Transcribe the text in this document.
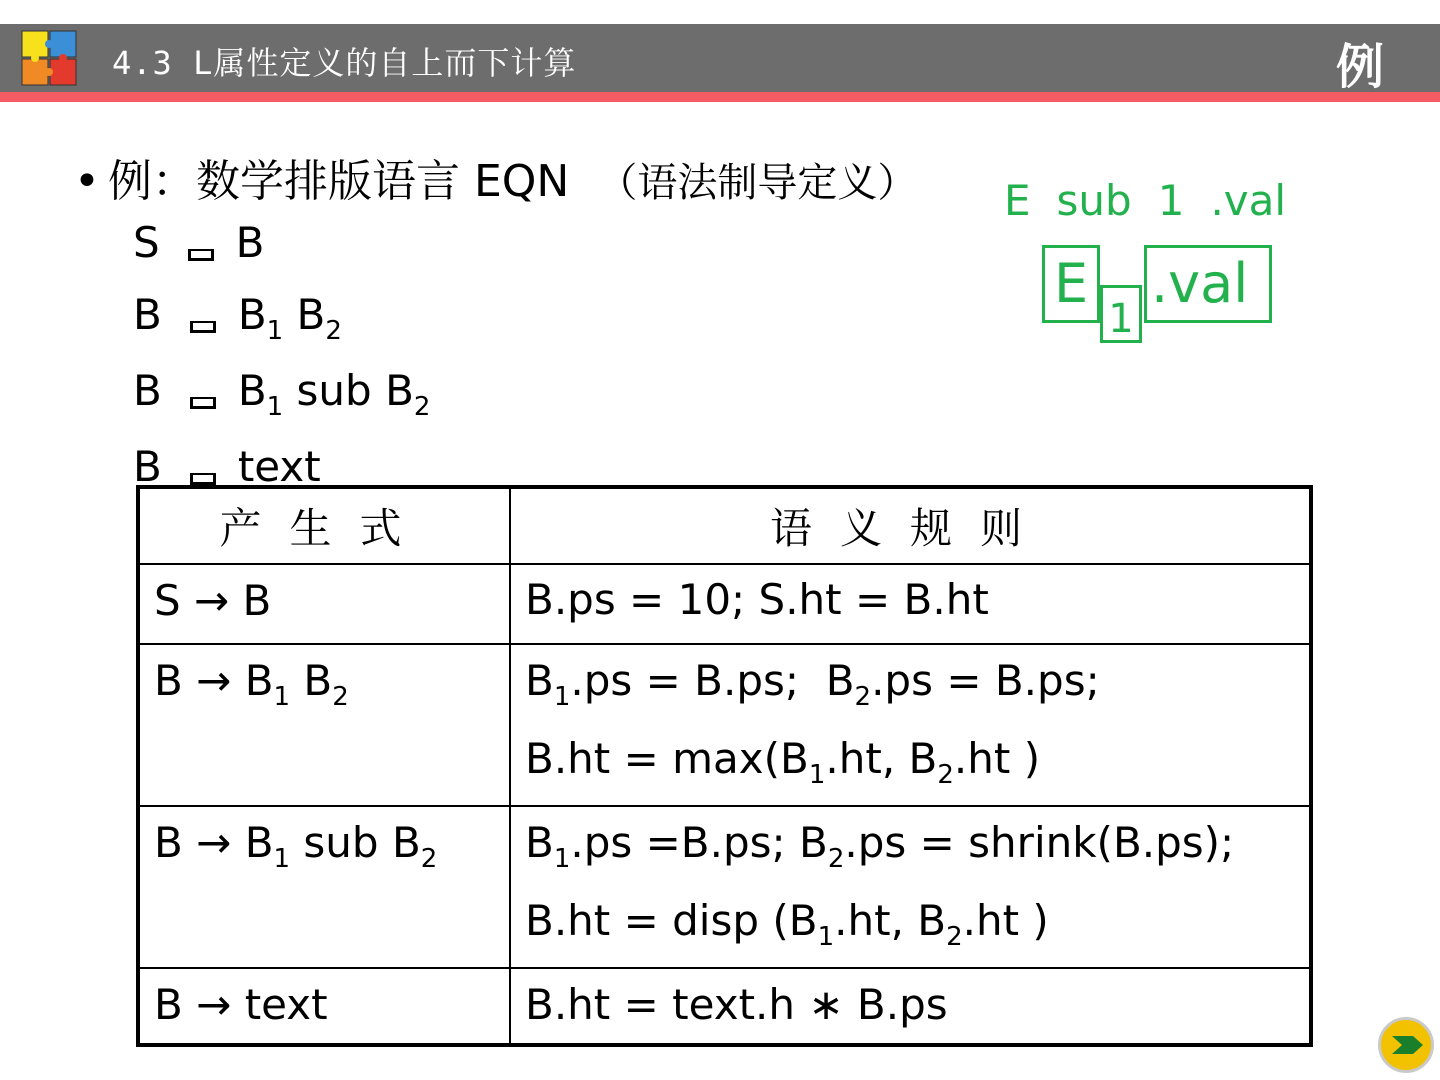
4.3 L属性定义的自上而下计算	例
• 例：数学排版语言 EQN （语法制导定义）
S B
B $B_1$ $B_2$
B $B_1$ sub $B_2$
B text
E sub 1 .val
E
1
.val
产生式	语义规则

S → B	B.ps = 10; S.ht = B.ht

$B \to B_1$ $B_2$	$B_1.ps = B.ps$;  $B_2.ps = B.ps$;
$B.ht = \max(B_1.ht$, $B_2.ht$ )

$B \to B_1$ sub $B_2$	$B_1.ps =B.ps$; $B_2.ps$ = shrink(B.ps);
B.ht = disp ($B_1.ht$, $B_2.ht$ )

B → text	B.ht = text.h ∗ B.ps
